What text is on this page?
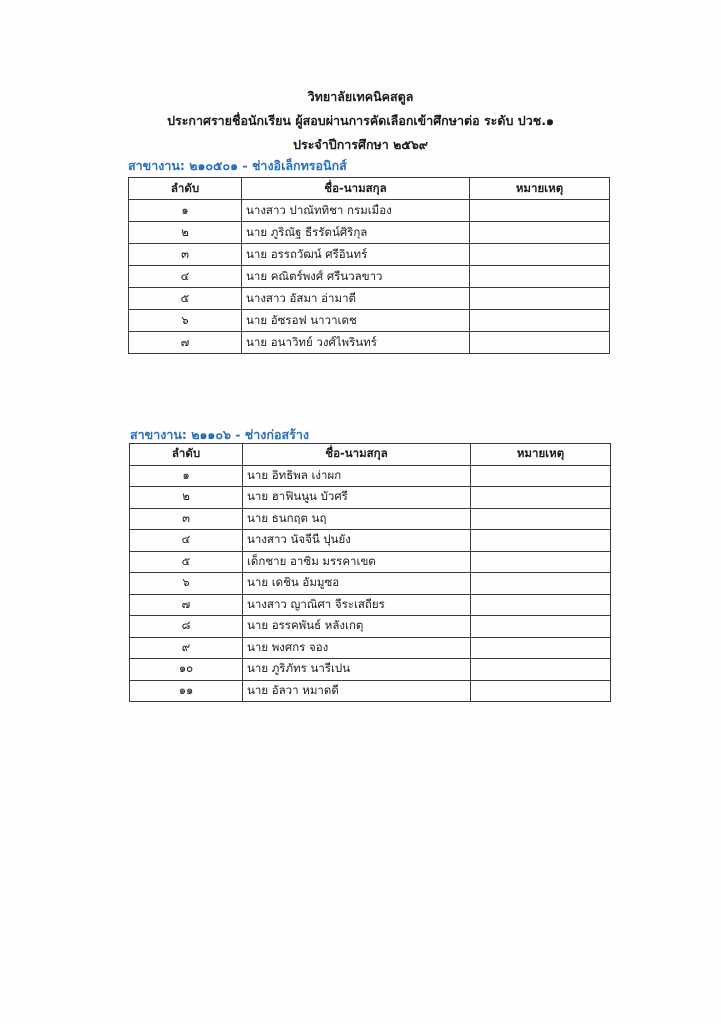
วิทยาลัยเทคนิคสตูล
ประกาศรายชื่อนักเรียน ผู้สอบผ่านการคัดเลือกเข้าศึกษาต่อ ระดับ ปวช.๑
ประจำปีการศึกษา ๒๕๖๙
สาขางาน: ๒๑๐๕๐๑ - ช่างอิเล็กทรอนิกส์
ลำดับ	ชื่อ-นามสกุล	หมายเหตุ
๑	นางสาว ปาณัททิชา กรมเมือง	
๒	นาย ภูริณัฐ ธีรรัตน์ศิริกุล	
๓	นาย อรรถวัฒน์ ศรีอินทร์	
๔	นาย คณิตร์พงศ์ ศรีนวลขาว	
๕	นางสาว อัสมา อ่ามาตี	
๖	นาย อัซรอฟ นาวาเดช	
๗	นาย อนาวิทย์ วงศ์ไพรินทร์	
สาขางาน: ๒๑๑๐๖ - ช่างก่อสร้าง
ลำดับ	ชื่อ-นามสกุล	หมายเหตุ
๑	นาย อิทธิพล เง่าผก	
๒	นาย ฮาฟินนูน บัวศรี	
๓	นาย ธนกฤต นฤ	
๔	นางสาว นัจจีนี ปุนยัง	
๕	เด็กชาย อาซิม มรรคาเขต	
๖	นาย เดชิน อัมมูซอ	
๗	นางสาว ญาณิศา จีระเสถียร	
๘	นาย อรรคพันธ์ หลังเกตุ	
๙	นาย พงศกร จอง	
๑๐	นาย ภูริภัทร นารีเปน	
๑๑	นาย อัลวา หมาดดี	
